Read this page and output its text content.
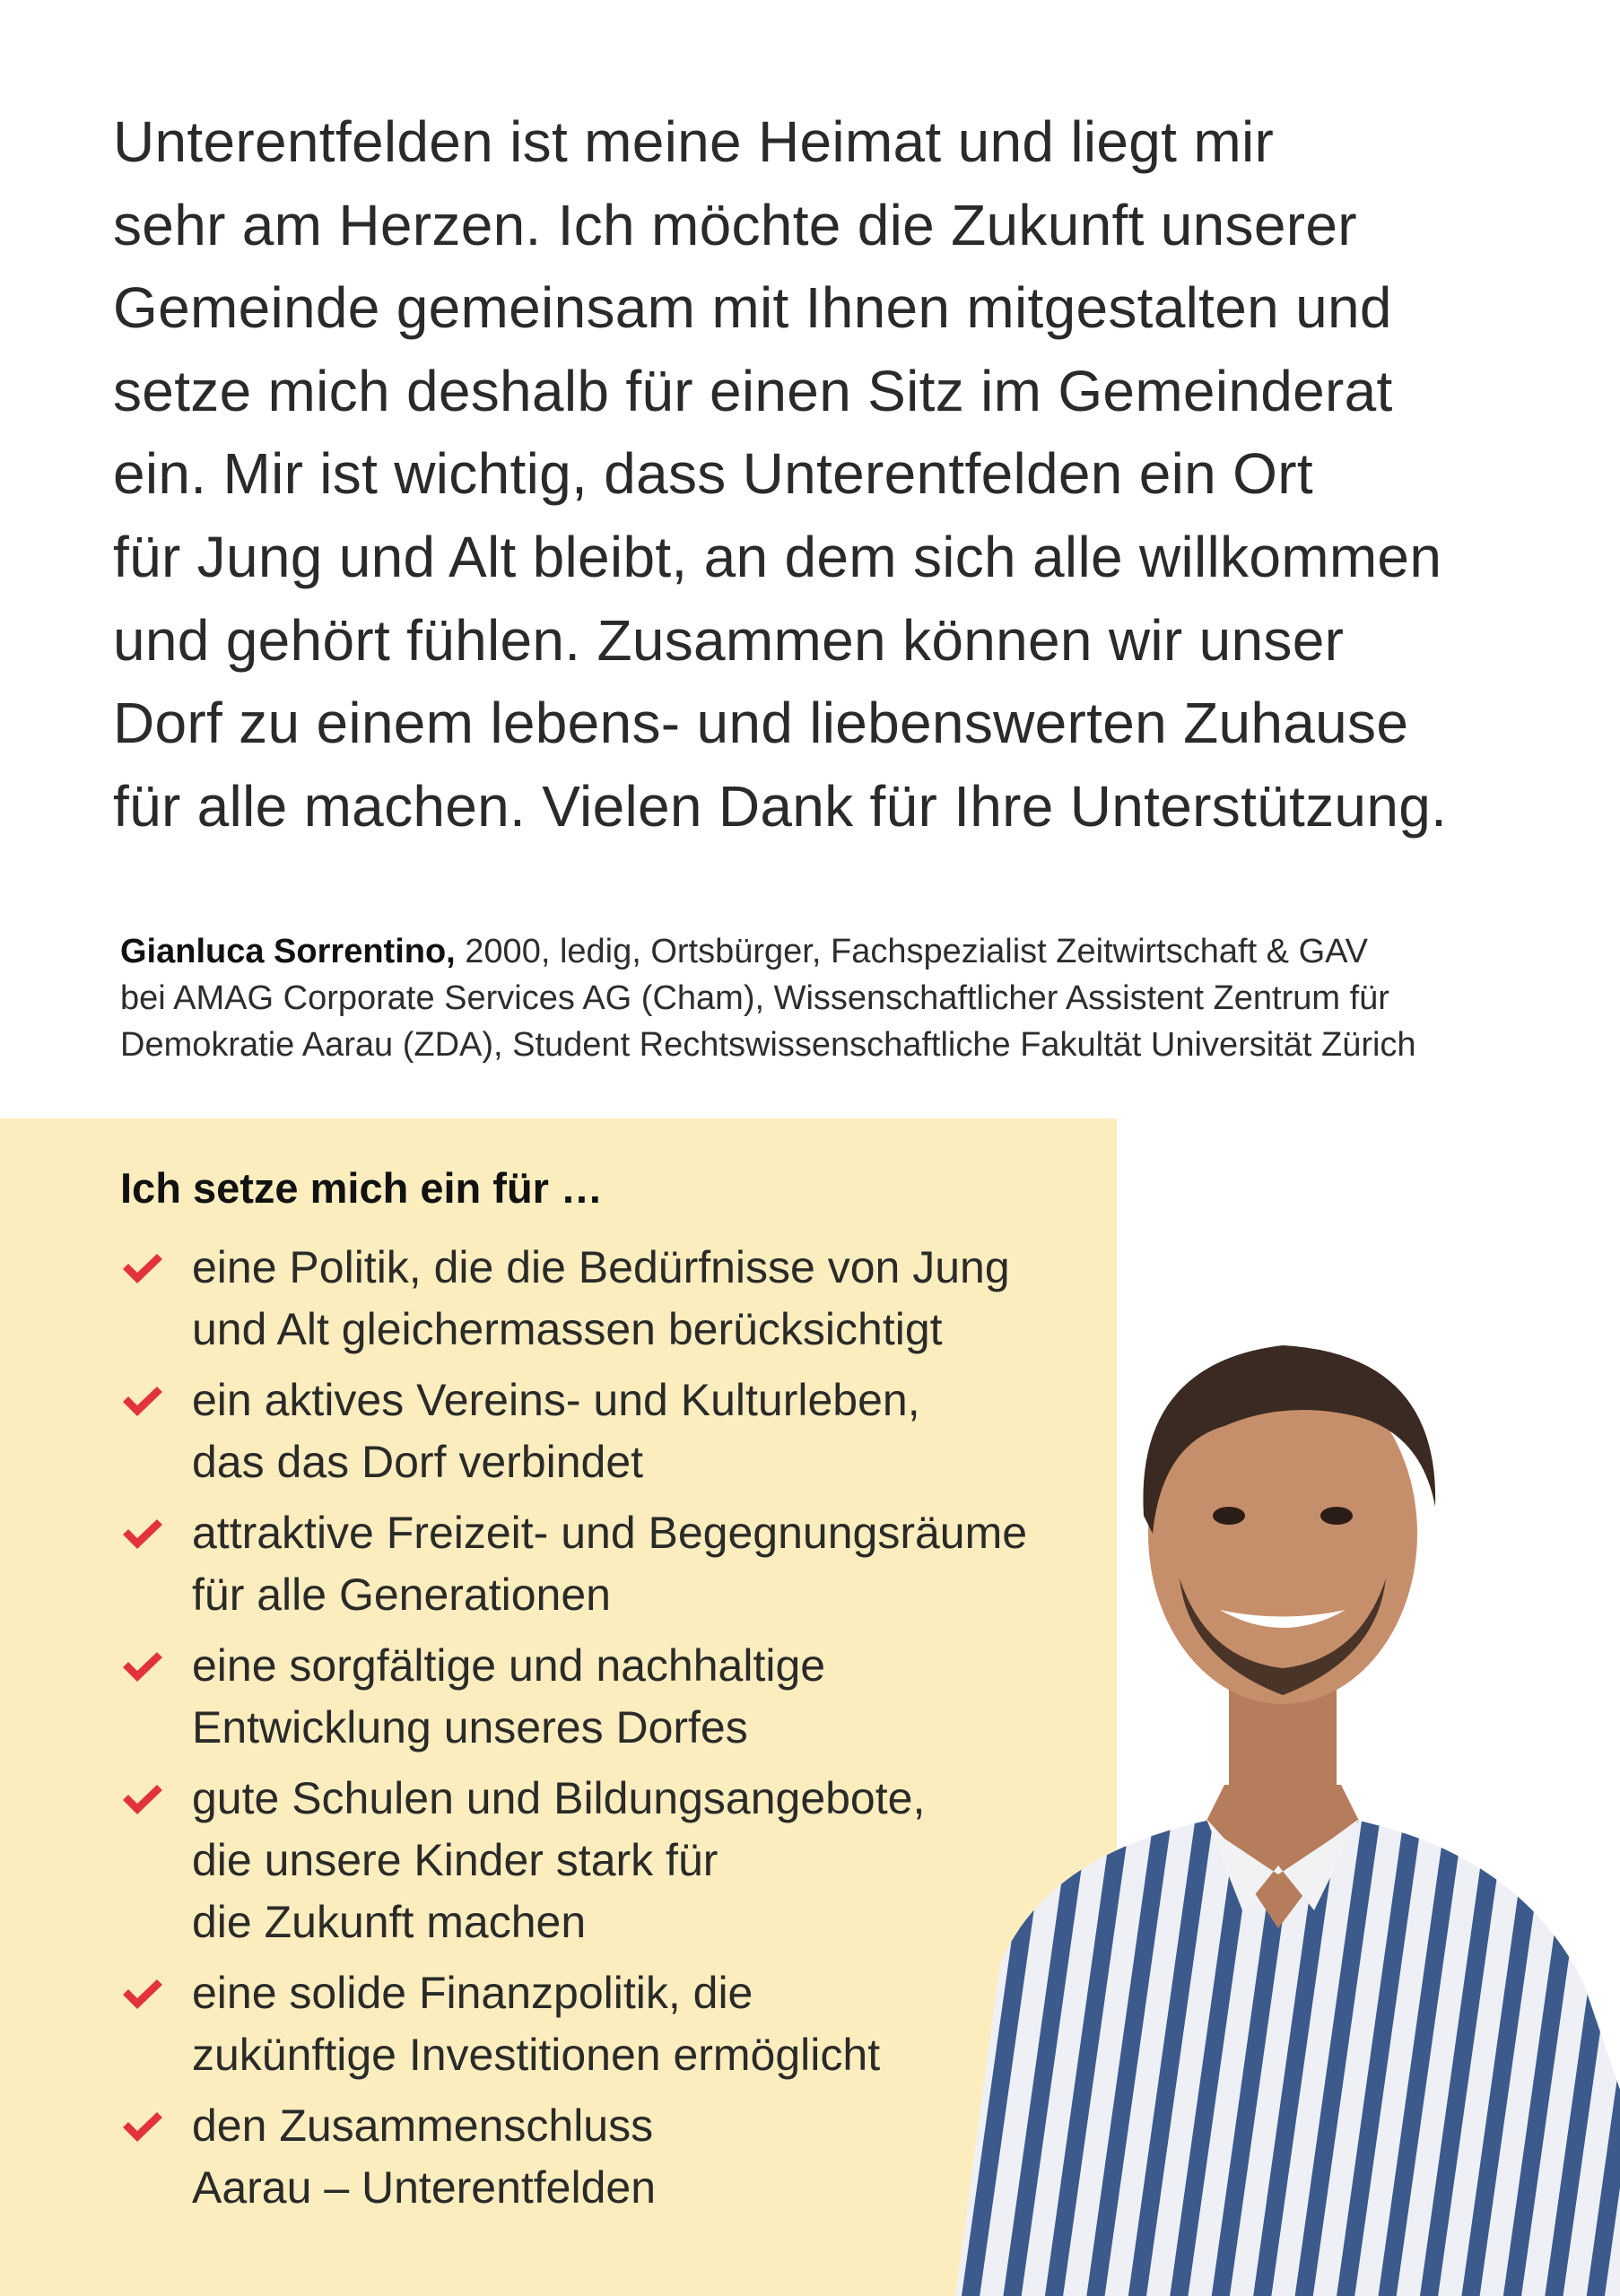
Unterentfelden ist meine Heimat und liegt mir
sehr am Herzen. Ich möchte die Zukunft unserer
Gemeinde gemeinsam mit Ihnen mitgestalten und
setze mich deshalb für einen Sitz im Gemeinderat
ein. Mir ist wichtig, dass Unterentfelden ein Ort
für Jung und Alt bleibt, an dem sich alle willkommen
und gehört fühlen. Zusammen können wir unser
Dorf zu einem lebens- und liebenswerten Zuhause
für alle machen. Vielen Dank für Ihre Unterstützung.
Gianluca Sorrentino, 2000, ledig, Ortsbürger, Fachspezialist Zeitwirtschaft & GAV
bei AMAG Corporate Services AG (Cham), Wissenschaftlicher Assistent Zentrum für
Demokratie Aarau (ZDA), Student Rechtswissenschaftliche Fakultät Universität Zürich
Ich setze mich ein für …
eine Politik, die die Bedürfnisse von Jung
und Alt gleichermassen berücksichtigt
ein aktives Vereins- und Kulturleben,
das das Dorf verbindet
attraktive Freizeit- und Begegnungsräume
für alle Generationen
eine sorgfältige und nachhaltige
Entwicklung unseres Dorfes
gute Schulen und Bildungsangebote,
die unsere Kinder stark für
die Zukunft machen
eine solide Finanzpolitik, die
zukünftige Investitionen ermöglicht
den Zusammenschluss
Aarau – Unterentfelden
